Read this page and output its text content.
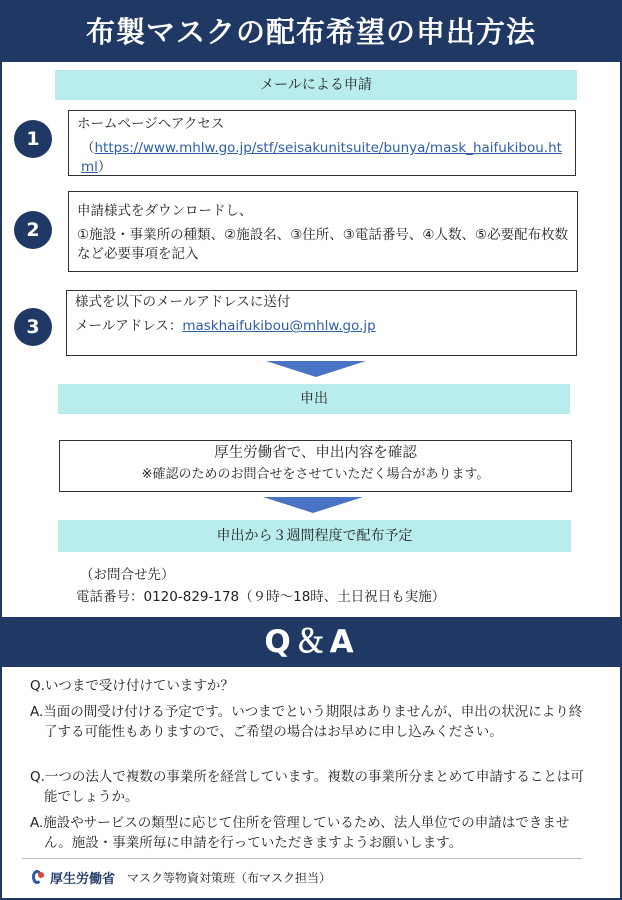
布製マスクの配布希望の申出方法
メールによる申請
1
ホームページへアクセス
（https://www.mhlw.go.jp/stf/seisakunitsuite/bunya/mask_haifukibou.html）
2
申請様式をダウンロードし、
①施設・事業所の種類、②施設名、③住所、③電話番号、④人数、⑤必要配布枚数など必要事項を記入
3
様式を以下のメールアドレスに送付
メールアドレス：maskhaifukibou@mhlw.go.jp
申出
厚生労働省で、申出内容を確認
※確認のためのお問合せをさせていただく場合があります。
申出から３週間程度で配布予定
（お問合せ先）
電話番号：0120-829-178（９時～18時、土日祝日も実施）
Q＆A
Q.いつまで受け付けていますか？
A.当面の間受け付ける予定です。いつまでという期限はありませんが、申出の状況により終了する可能性もありますので、ご希望の場合はお早めに申し込みください。
Q.一つの法人で複数の事業所を経営しています。複数の事業所分まとめて申請することは可能でしょうか。
A.施設やサービスの類型に応じて住所を管理しているため、法人単位での申請はできません。施設・事業所毎に申請を行っていただきますようお願いします。
厚生労働省 マスク等物資対策班（布マスク担当）
